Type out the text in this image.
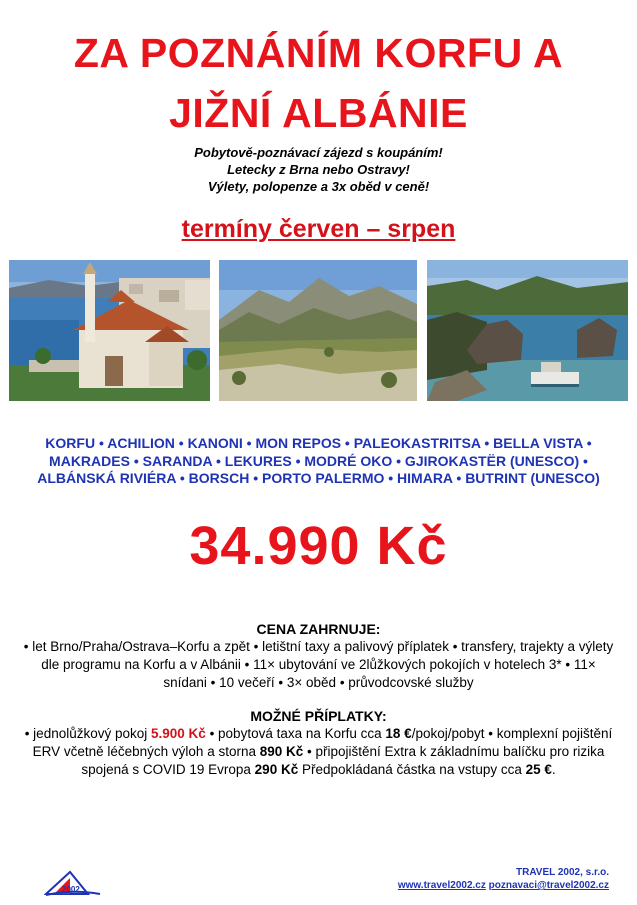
ZA POZNÁNÍM KORFU A
JIŽNÍ ALBÁNIE
Pobytově-poznávací zájezd s koupáním!
Letecky z Brna nebo Ostravy!
Výlety, polopenze a 3x oběd v ceně!
termíny červen – srpen
KORFU • ACHILION • KANONI • MON REPOS • PALEOKASTRITSA • BELLA VISTA • MAKRADES • SARANDA • LEKURES • MODRÉ OKO • GJIROKASTËR (UNESCO) • ALBÁNSKÁ RIVIÉRA • BORSCH • PORTO PALERMO • HIMARA • BUTRINT (UNESCO)
34.990 Kč
CENA ZAHRNUJE:
• let Brno/Praha/Ostrava–Korfu a zpět • letištní taxy a palivový příplatek • transfery, trajekty a výlety dle programu na Korfu a v Albánii • 11× ubytování ve 2lůžkových pokojích v hotelech 3* • 11× snídani • 10 večeří • 3× oběd • průvodcovské služby
MOŽNÉ PŘÍPLATKY:
• jednolůžkový pokoj 5.900 Kč • pobytová taxa na Korfu cca 18 €/pokoj/pobyt • komplexní pojištění ERV včetně léčebných výloh a storna 890 Kč • připojištění Extra k základnímu balíčku pro rizika spojená s COVID 19 Evropa 290 Kč Předpokládaná částka na vstupy cca 25 €.
2002
TRAVEL 2002, s.r.o.
www.travel2002.cz poznavaci@travel2002.cz
